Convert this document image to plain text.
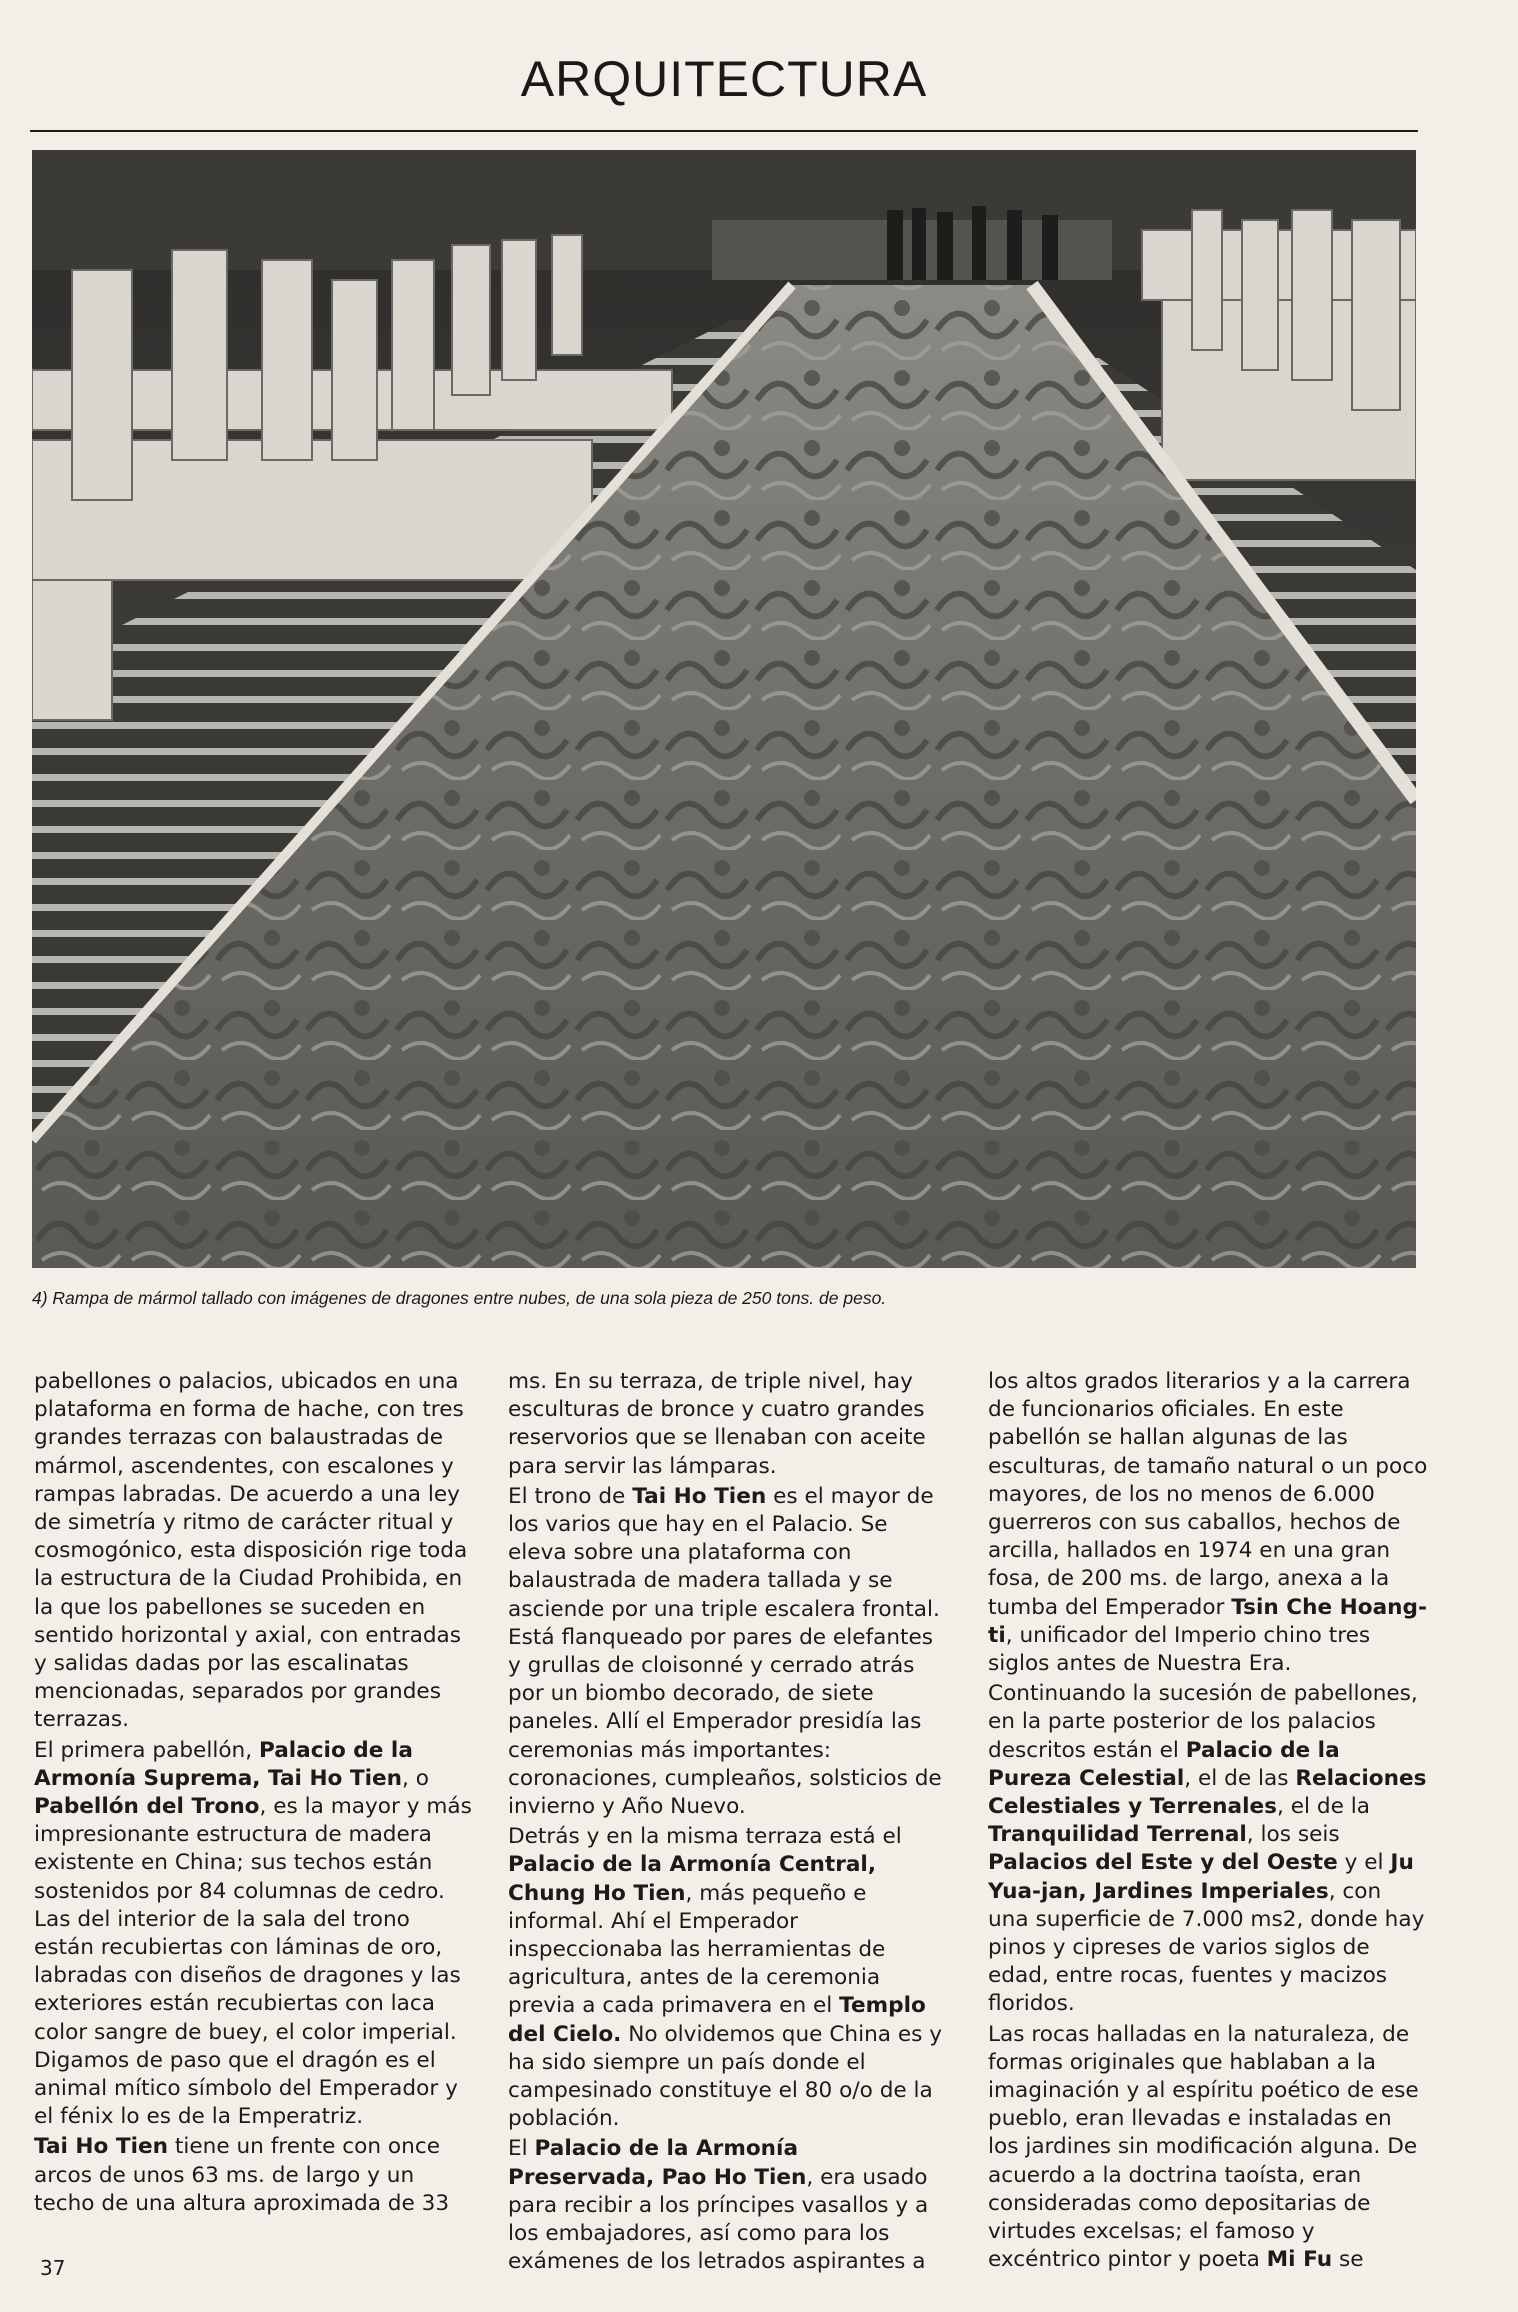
ARQUITECTURA
4) Rampa de mármol tallado con imágenes de dragones entre nubes, de una sola pieza de 250 tons. de peso.

pabellones o palacios, ubicados en una plataforma en forma de hache, con tres grandes terrazas con balaustradas de mármol, ascendentes, con escalones y rampas labradas. De acuerdo a una ley de simetría y ritmo de carácter ritual y cosmogónico, esta disposición rige toda la estructura de la Ciudad Prohibida, en la que los pabellones se suceden en sentido horizontal y axial, con entradas y salidas dadas por las escalinatas mencionadas, separados por grandes terrazas.

El primera pabellón, Palacio de la Armonía Suprema, Tai Ho Tien, o Pabellón del Trono, es la mayor y más impresionante estructura de madera existente en China; sus techos están sostenidos por 84 columnas de cedro. Las del interior de la sala del trono están recubiertas con láminas de oro, labradas con diseños de dragones y las exteriores están recubiertas con laca color sangre de buey, el color imperial. Digamos de paso que el dragón es el animal mítico símbolo del Emperador y el fénix lo es de la Emperatriz.

Tai Ho Tien tiene un frente con once arcos de unos 63 ms. de largo y un techo de una altura aproximada de 33

ms. En su terraza, de triple nivel, hay esculturas de bronce y cuatro grandes reservorios que se llenaban con aceite para servir las lámparas.

El trono de Tai Ho Tien es el mayor de los varios que hay en el Palacio. Se eleva sobre una plataforma con balaustrada de madera tallada y se asciende por una triple escalera frontal. Está flanqueado por pares de elefantes y grullas de cloisonné y cerrado atrás por un biombo decorado, de siete paneles. Allí el Emperador presidía las ceremonias más importantes: coronaciones, cumpleaños, solsticios de invierno y Año Nuevo.

Detrás y en la misma terraza está el Palacio de la Armonía Central, Chung Ho Tien, más pequeño e informal. Ahí el Emperador inspeccionaba las herramientas de agricultura, antes de la ceremonia previa a cada primavera en el Templo del Cielo. No olvidemos que China es y ha sido siempre un país donde el campesinado constituye el 80 o/o de la población.

El Palacio de la Armonía Preservada, Pao Ho Tien, era usado para recibir a los príncipes vasallos y a los embajadores, así como para los exámenes de los letrados aspirantes a

los altos grados literarios y a la carrera de funcionarios oficiales. En este pabellón se hallan algunas de las esculturas, de tamaño natural o un poco mayores, de los no menos de 6.000 guerreros con sus caballos, hechos de arcilla, hallados en 1974 en una gran fosa, de 200 ms. de largo, anexa a la tumba del Emperador Tsin Che Hoang-ti, unificador del Imperio chino tres siglos antes de Nuestra Era.

Continuando la sucesión de pabellones, en la parte posterior de los palacios descritos están el Palacio de la Pureza Celestial, el de las Relaciones Celestiales y Terrenales, el de la Tranquilidad Terrenal, los seis Palacios del Este y del Oeste y el Ju Yua-jan, Jardines Imperiales, con una superficie de 7.000 ms2, donde hay pinos y cipreses de varios siglos de edad, entre rocas, fuentes y macizos floridos.

Las rocas halladas en la naturaleza, de formas originales que hablaban a la imaginación y al espíritu poético de ese pueblo, eran llevadas e instaladas en los jardines sin modificación alguna. De acuerdo a la doctrina taoísta, eran consideradas como depositarias de virtudes excelsas; el famoso y excéntrico pintor y poeta Mi Fu se

37
